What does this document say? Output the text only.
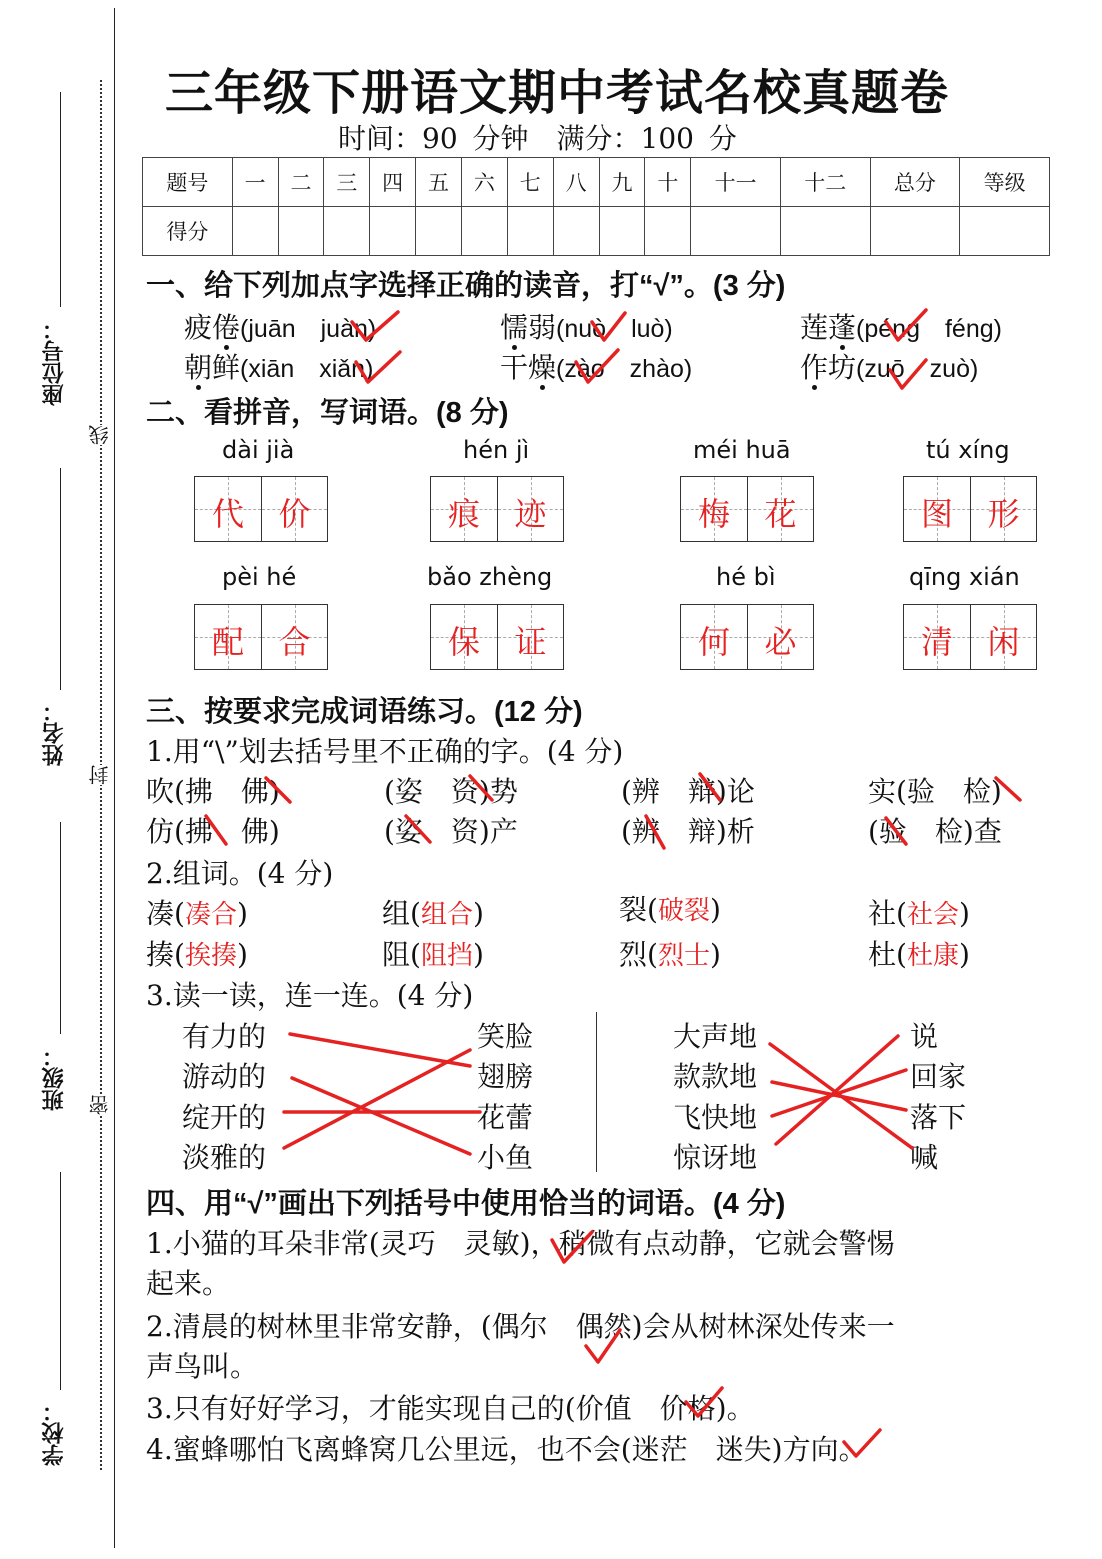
线
封
密
座位号：
姓名：
班级：
学校：
三年级下册语文期中考试名校真题卷
时间：90 分钟　满分：100 分
题号	一	二	三	四	五	六	七	八	九	十	十一	十二	总分	等级
得分														
一、给下列加点字选择正确的读音，打“√”。(3 分)
疲倦(juān　juàn)	懦弱(nuò　luò)	莲蓬(péng　féng)
朝鲜(xiān　xiǎn)	干燥(zào　zhào)	作坊(zuō　zuò)
二、看拼音，写词语。(8 分)
dài jià	hén jì	méi huā	tú xíng
代	价	痕	迹	梅	花	图	形
pèi hé	bǎo zhèng	hé bì	qīng xián
配	合	保	证	何	必	清	闲
三、按要求完成词语练习。(12 分)
1.用“\”划去括号里不正确的字。(4 分)
吹(拂　佛)	(姿　资)势	(辨　辩)论	实(验　检)
仿(拂　佛)	(姿　资)产	(辨　辩)析	(验　检)查
2.组词。(4 分)
凑(凑合)	组(组合)	裂(破裂)	社(社会)
揍(挨揍)	阻(阻挡)	烈(烈士)	杜(杜康)
3.读一读，连一连。(4 分)
有力的
游动的
绽开的
淡雅的
笑脸
翅膀
花蕾
小鱼
大声地
款款地
飞快地
惊讶地
说
回家
落下
喊
四、用“√”画出下列括号中使用恰当的词语。(4 分)
1.小猫的耳朵非常(灵巧　灵敏)，稍微有点动静，它就会警惕
起来。
2.清晨的树林里非常安静，(偶尔　偶然)会从树林深处传来一
声鸟叫。
3.只有好好学习，才能实现自己的(价值　价格)。
4.蜜蜂哪怕飞离蜂窝几公里远，也不会(迷茫　迷失)方向。
